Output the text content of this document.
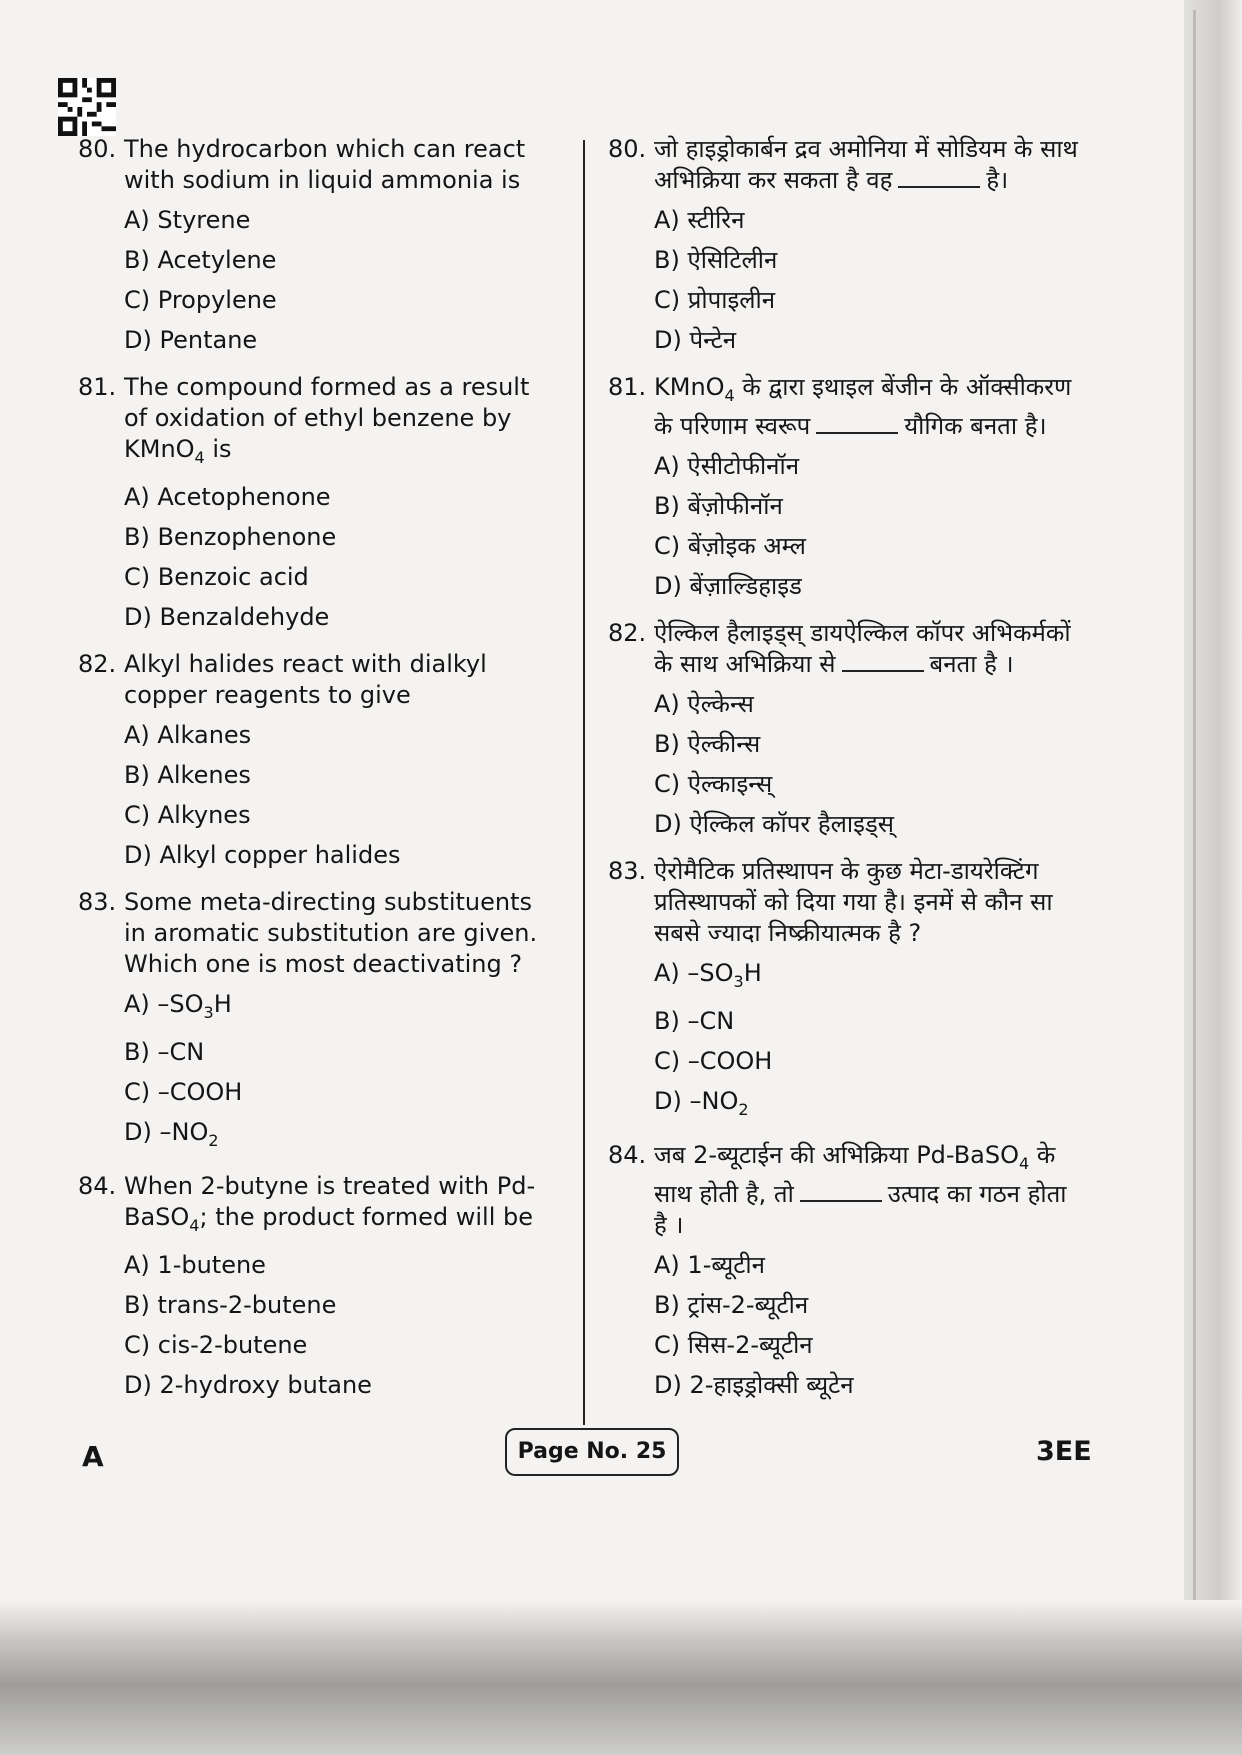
80. The hydrocarbon which can react with sodium in liquid ammonia is
A) Styrene
B) Acetylene
C) Propylene
D) Pentane
81. The compound formed as a result of oxidation of ethyl benzene by KMnO$_4$ is
A) Acetophenone
B) Benzophenone
C) Benzoic acid
D) Benzaldehyde
82. Alkyl halides react with dialkyl copper reagents to give
A) Alkanes
B) Alkenes
C) Alkynes
D) Alkyl copper halides
83. Some meta-directing substituents in aromatic substitution are given. Which one is most deactivating ?
A) $-SO_3H$
B) –CN
C) –COOH
D) $-NO_2$
84. When 2-butyne is treated with Pd-BaSO$_4$; the product formed will be
A) 1-butene
B) trans-2-butene
C) cis-2-butene
D) 2-hydroxy butane
80. जो हाइड्रोकार्बन द्रव अमोनिया में सोडियम के साथ अभिक्रिया कर सकता है वह	है।
A) स्टीरिन
B) ऐसिटिलीन
C) प्रोपाइलीन
D) पेन्टेन
81. KMnO$_4$ के द्वारा इथाइल बेंजीन के ऑक्सीकरण के परिणाम स्वरूप	यौगिक बनता है।
A) ऐसीटोफीनॉन
B) बेंज़ोफीनॉन
C) बेंज़ोइक अम्ल
D) बेंज़ाल्डिहाइड
82. ऐल्किल हैलाइड्स् डायऐल्किल कॉपर अभिकर्मकों के साथ अभिक्रिया से	बनता है ।
A) ऐल्केन्स
B) ऐल्कीन्स
C) ऐल्काइन्स्
D) ऐल्किल कॉपर हैलाइड्स्
83. ऐरोमैटिक प्रतिस्थापन के कुछ मेटा-डायरेक्टिंग प्रतिस्थापकों को दिया गया है। इनमें से कौन सा सबसे ज्यादा निष्क्रीयात्मक है ?
A) $-SO_3H$
B) –CN
C) –COOH
D) $-NO_2$
84. जब 2-ब्यूटाईन की अभिक्रिया Pd-BaSO$_4$ के साथ होती है, तो	उत्पाद का गठन होता है ।
A) 1-ब्यूटीन
B) ट्रांस-2-ब्यूटीन
C) सिस-2-ब्यूटीन
D) 2-हाइड्रोक्सी ब्यूटेन
A	Page No. 25	3EE
